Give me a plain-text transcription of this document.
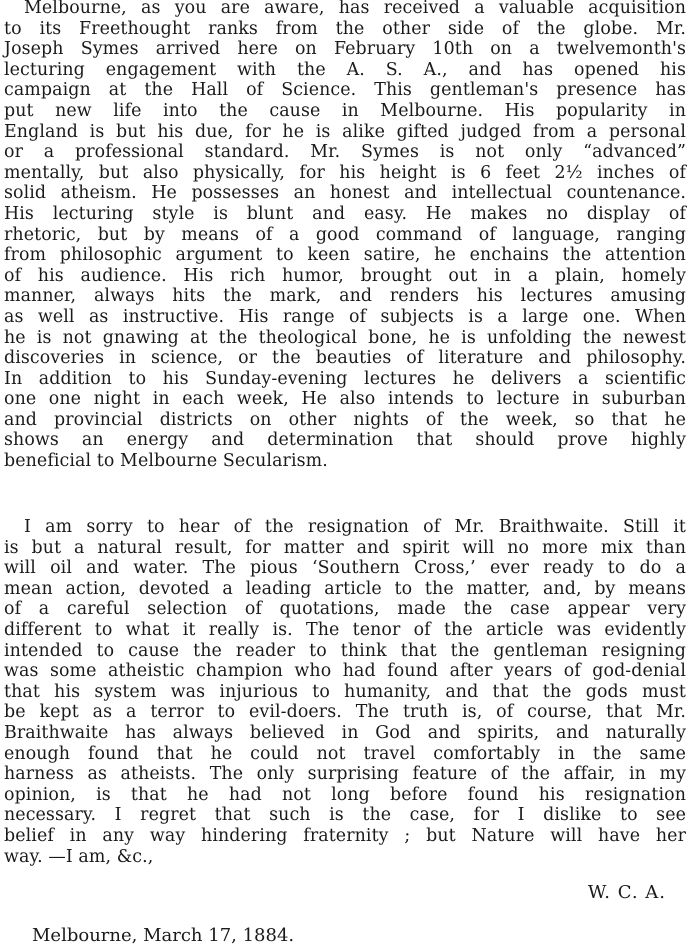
Melbourne, as you are aware, has received a valuable acquisition
to its Freethought ranks from the other side of the globe. Mr.
Joseph Symes arrived here on February 10th on a twelvemonth's
lecturing engagement with the A. S. A., and has opened his
campaign at the Hall of Science. This gentleman's presence has
put new life into the cause in Melbourne. His popularity in
England is but his due, for he is alike gifted judged from a personal
or a professional standard. Mr. Symes is not only “advanced”
mentally, but also physically, for his height is 6 feet 2½ inches of
solid atheism. He possesses an honest and intellectual countenance.
His lecturing style is blunt and easy. He makes no display of
rhetoric, but by means of a good command of language, ranging
from philosophic argument to keen satire, he enchains the attention
of his audience. His rich humor, brought out in a plain, homely
manner, always hits the mark, and renders his lectures amusing
as well as instructive. His range of subjects is a large one. When
he is not gnawing at the theological bone, he is unfolding the newest
discoveries in science, or the beauties of literature and philosophy.
In addition to his Sunday-evening lectures he delivers a scientific
one one night in each week, He also intends to lecture in suburban
and provincial districts on other nights of the week, so that he
shows an energy and determination that should prove highly
beneficial to Melbourne Secularism.
I am sorry to hear of the resignation of Mr. Braithwaite. Still it
is but a natural result, for matter and spirit will no more mix than
will oil and water. The pious ‘Southern Cross,’ ever ready to do a
mean action, devoted a leading article to the matter, and, by means
of a careful selection of quotations, made the case appear very
different to what it really is. The tenor of the article was evidently
intended to cause the reader to think that the gentleman resigning
was some atheistic champion who had found after years of god-denial
that his system was injurious to humanity, and that the gods must
be kept as a terror to evil-doers. The truth is, of course, that Mr.
Braithwaite has always believed in God and spirits, and naturally
enough found that he could not travel comfortably in the same
harness as atheists. The only surprising feature of the affair, in my
opinion, is that he had not long before found his resignation
necessary. I regret that such is the case, for I dislike to see
belief in any way hindering fraternity ; but Nature will have her
way. —I am, &c.,
W. C. A.
Melbourne, March 17, 1884.
